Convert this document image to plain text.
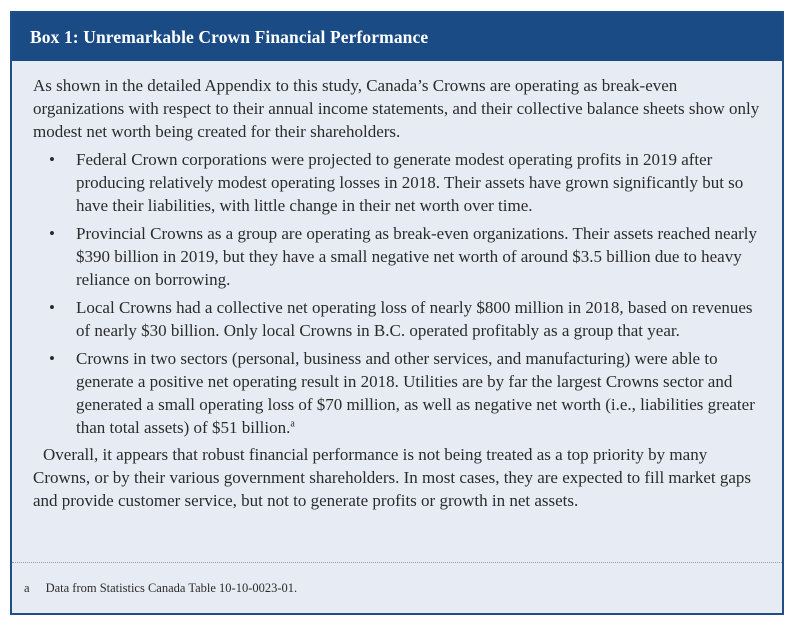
Box 1: Unremarkable Crown Financial Performance

As shown in the detailed Appendix to this study, Canada’s Crowns are operating as break-even organizations with respect to their annual income statements, and their collective balance sheets show only modest net worth being created for their shareholders.

• Federal Crown corporations were projected to generate modest operating profits in 2019 after producing relatively modest operating losses in 2018. Their assets have grown significantly but so have their liabilities, with little change in their net worth over time.
• Provincial Crowns as a group are operating as break-even organizations. Their assets reached nearly $390 billion in 2019, but they have a small negative net worth of around $3.5 billion due to heavy reliance on borrowing.
• Local Crowns had a collective net operating loss of nearly $800 million in 2018, based on revenues of nearly $30 billion. Only local Crowns in B.C. operated profitably as a group that year.
• Crowns in two sectors (personal, business and other services, and manufacturing) were able to generate a positive net operating result in 2018. Utilities are by far the largest Crowns sector and generated a small operating loss of $70 million, as well as negative net worth (i.e., liabilities greater than total assets) of $51 billion.$^a$

Overall, it appears that robust financial performance is not being treated as a top priority by many Crowns, or by their various government shareholders. In most cases, they are expected to fill market gaps and provide customer service, but not to generate profits or growth in net assets.

a Data from Statistics Canada Table 10-10-0023-01.
